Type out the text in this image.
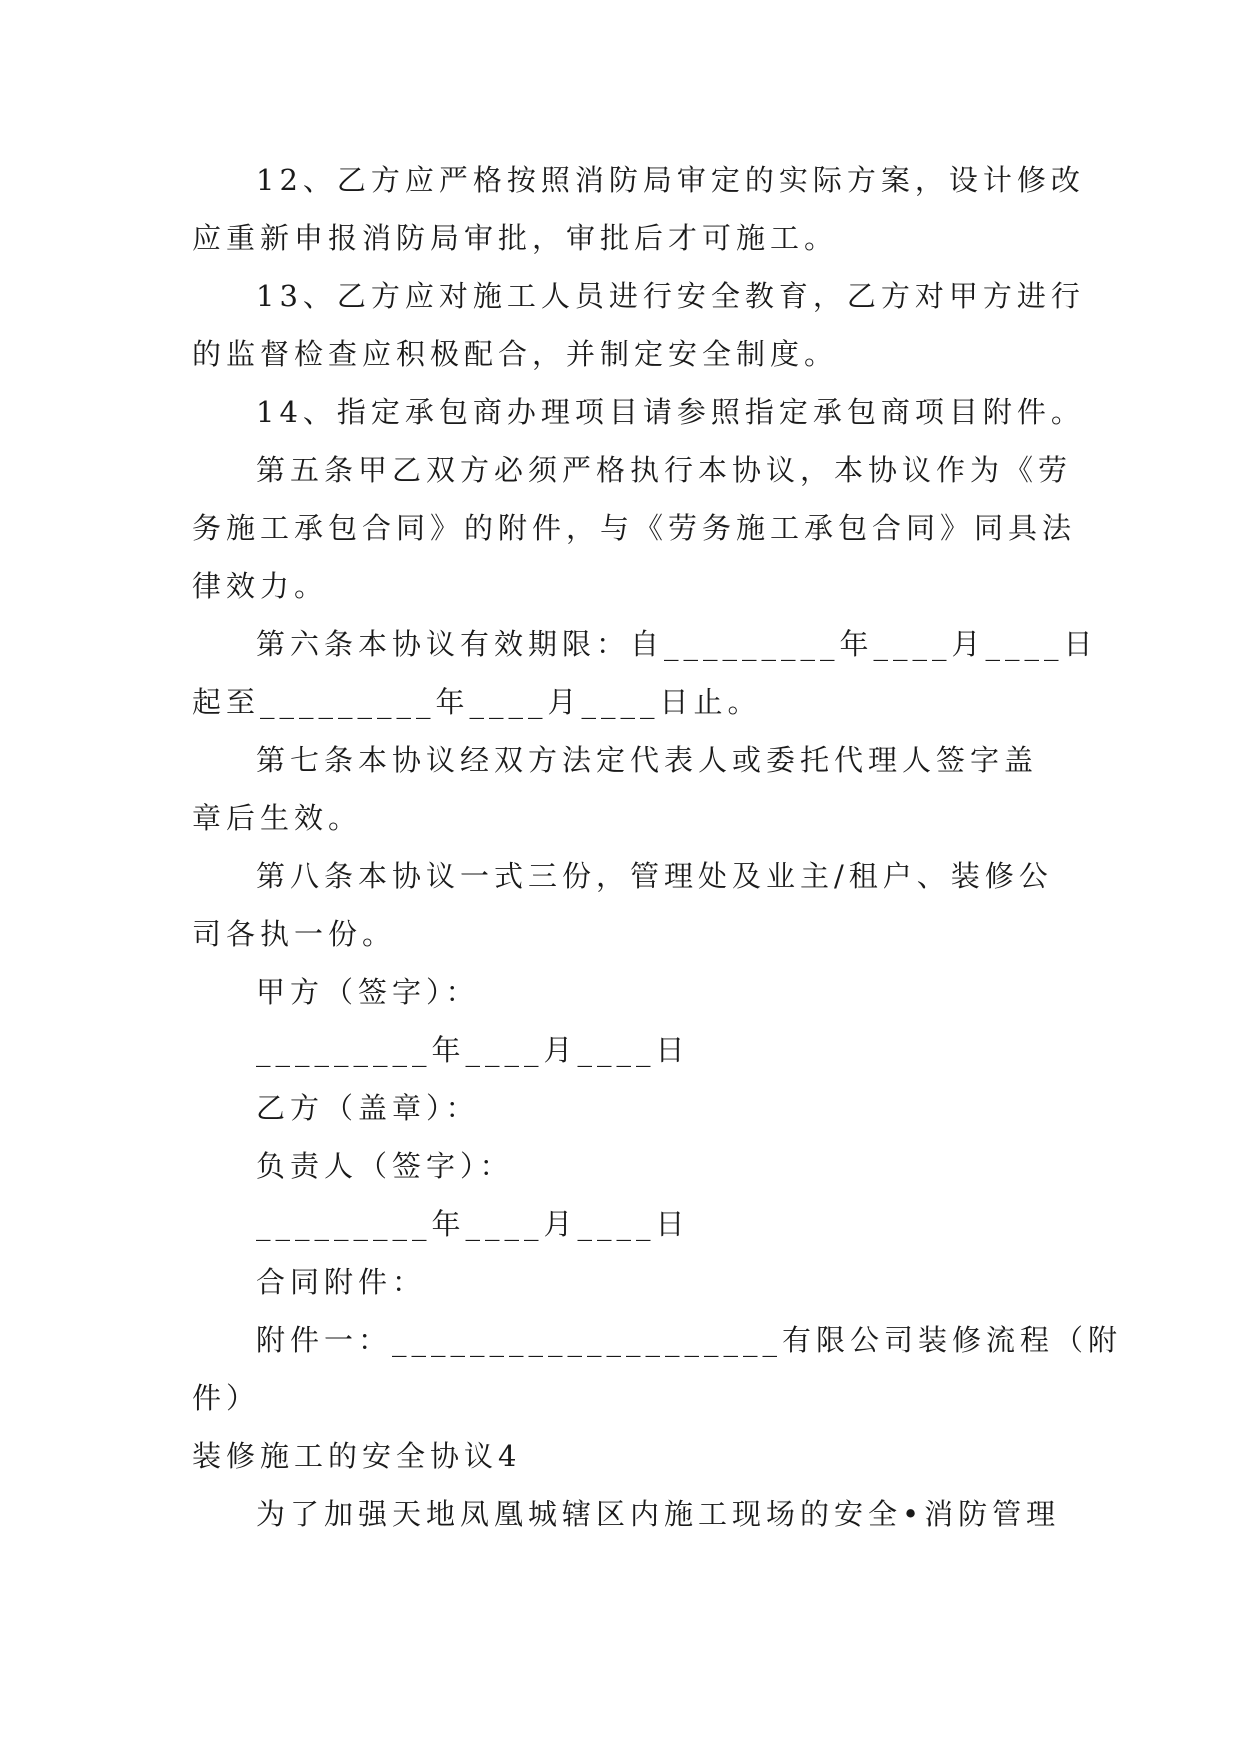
12、乙方应严格按照消防局审定的实际方案，设计修改
应重新申报消防局审批，审批后才可施工。
13、乙方应对施工人员进行安全教育，乙方对甲方进行
的监督检查应积极配合，并制定安全制度。
14、指定承包商办理项目请参照指定承包商项目附件。
第五条甲乙双方必须严格执行本协议，本协议作为《劳
务施工承包合同》的附件，与《劳务施工承包合同》同具法
律效力。
第六条本协议有效期限：自_________年____月____日
起至_________年____月____日止。
第七条本协议经双方法定代表人或委托代理人签字盖
章后生效。
第八条本协议一式三份，管理处及业主/租户、装修公
司各执一份。
甲方（签字）：
_________年____月____日
乙方（盖章）：
负责人（签字）：
_________年____月____日
合同附件：
附件一：____________________有限公司装修流程（附
件）
装修施工的安全协议4
为了加强天地凤凰城辖区内施工现场的安全•消防管理
